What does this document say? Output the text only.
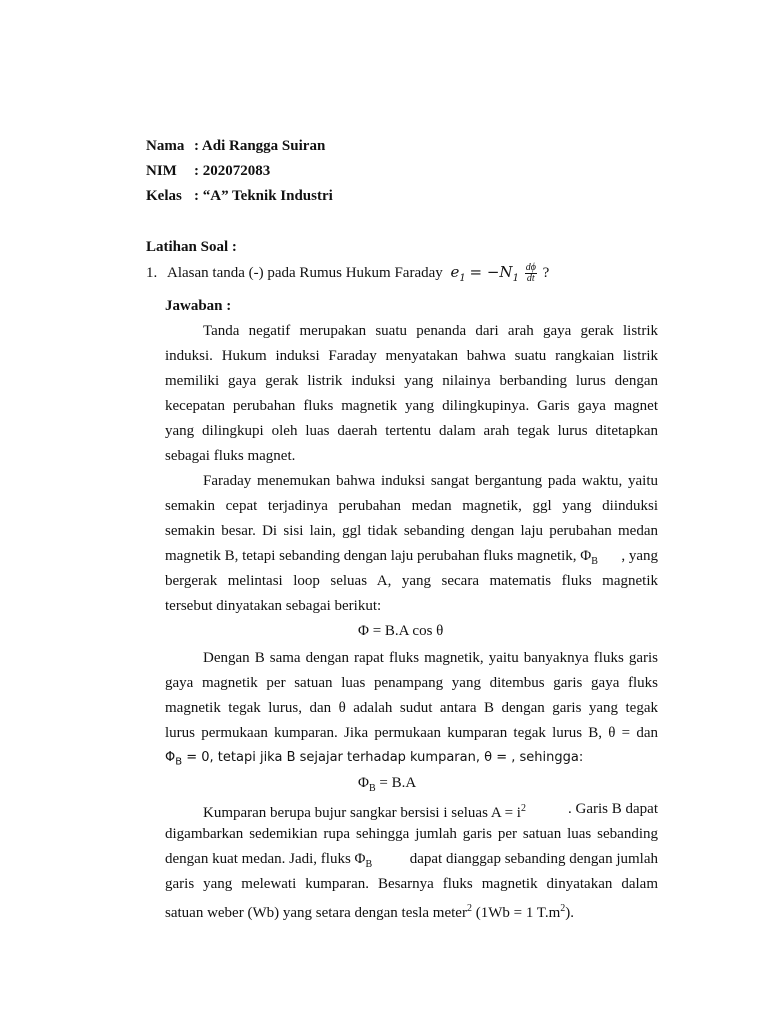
Nama : Adi Rangga Suiran
NIM : 202072083
Kelas : “A” Teknik Industri
Latihan Soal :
1. Alasan tanda (-) pada Rumus Hukum Faraday $e_1 = -N_1 \frac{d\phi}{dt}$ ?
Jawaban :
Tanda negatif merupakan suatu penanda dari arah gaya gerak listrik
induksi. Hukum induksi Faraday menyatakan bahwa suatu rangkaian listrik
memiliki gaya gerak listrik induksi yang nilainya berbanding lurus dengan
kecepatan perubahan fluks magnetik yang dilingkupinya. Garis gaya magnet
yang dilingkupi oleh luas daerah tertentu dalam arah tegak lurus ditetapkan
sebagai fluks magnet.
Faraday menemukan bahwa induksi sangat bergantung pada waktu, yaitu
semakin cepat terjadinya perubahan medan magnetik, ggl yang diinduksi
semakin besar. Di sisi lain, ggl tidak sebanding dengan laju perubahan medan
magnetik B, tetapi sebanding dengan laju perubahan fluks magnetik, $\Phi_B$ , yang
bergerak melintasi loop seluas A, yang secara matematis fluks magnetik
tersebut dinyatakan sebagai berikut:
Φ = B.A cos θ
Dengan B sama dengan rapat fluks magnetik, yaitu banyaknya fluks garis
gaya magnetik per satuan luas penampang yang ditembus garis gaya fluks
magnetik tegak lurus, dan θ adalah sudut antara B dengan garis yang tegak
lurus permukaan kumparan. Jika permukaan kumparan tegak lurus B, θ = dan
$\Phi_B = 0$, tetapi jika B sejajar terhadap kumparan, θ = , sehingga:
$\Phi_B = B.A$
Kumparan berupa bujur sangkar bersisi i seluas $A = i^2$	. Garis B dapat
digambarkan sedemikian rupa sehingga jumlah garis per satuan luas sebanding
dengan kuat medan. Jadi, fluks $\Phi_B$	dapat dianggap sebanding dengan jumlah
garis yang melewati kumparan. Besarnya fluks magnetik dinyatakan dalam
satuan weber (Wb) yang setara dengan tesla meter$^2$ (1Wb = 1 $T.m^2$).
